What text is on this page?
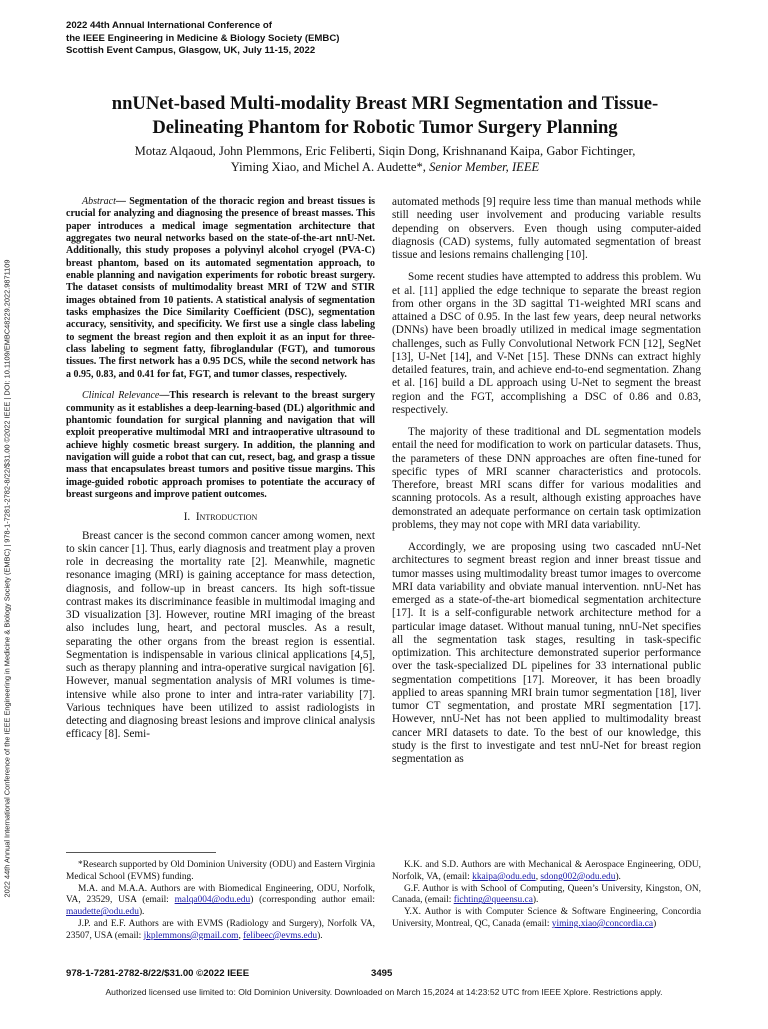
2022 44th Annual International Conference of
the IEEE Engineering in Medicine & Biology Society (EMBC)
Scottish Event Campus, Glasgow, UK, July 11-15, 2022
2022 44th Annual International Conference of the IEEE Engineering in Medicine & Biology Society (EMBC) | 978-1-7281-2782-8/22/$31.00 ©2022 IEEE | DOI: 10.1109/EMBC48229.2022.9871109
nnUNet-based Multi-modality Breast MRI Segmentation and Tissue-
Delineating Phantom for Robotic Tumor Surgery Planning
Motaz Alqaoud, John Plemmons, Eric Feliberti, Siqin Dong, Krishnanand Kaipa, Gabor Fichtinger,
Yiming Xiao, and Michel A. Audette*, Senior Member, IEEE

Abstract— Segmentation of the thoracic region and breast tissues is crucial for analyzing and diagnosing the presence of breast masses. This paper introduces a medical image segmentation architecture that aggregates two neural networks based on the state-of-the-art nnU-Net. Additionally, this study proposes a polyvinyl alcohol cryogel (PVA-C) breast phantom, based on its automated segmentation approach, to enable planning and navigation experiments for robotic breast surgery. The dataset consists of multimodality breast MRI of T2W and STIR images obtained from 10 patients. A statistical analysis of segmentation tasks emphasizes the Dice Similarity Coefficient (DSC), segmentation accuracy, sensitivity, and specificity. We first use a single class labeling to segment the breast region and then exploit it as an input for three-class labeling to segment fatty, fibroglandular (FGT), and tumorous tissues. The first network has a 0.95 DCS, while the second network has a 0.95, 0.83, and 0.41 for fat, FGT, and tumor classes, respectively.

Clinical Relevance—This research is relevant to the breast surgery community as it establishes a deep-learning-based (DL) algorithmic and phantomic foundation for surgical planning and navigation that will exploit preoperative multimodal MRI and intraoperative ultrasound to achieve highly cosmetic breast surgery. In addition, the planning and navigation will guide a robot that can cut, resect, bag, and grasp a tissue mass that encapsulates breast tumors and positive tissue margins. This image-guided robotic approach promises to potentiate the accuracy of breast surgeons and improve patient outcomes.

I. Introduction

Breast cancer is the second common cancer among women, next to skin cancer [1]. Thus, early diagnosis and treatment play a proven role in decreasing the mortality rate [2]. Meanwhile, magnetic resonance imaging (MRI) is gaining acceptance for mass detection, diagnosis, and follow-up in breast cancers. Its high soft-tissue contrast makes its discriminance feasible in multimodal imaging and 3D visualization [3]. However, routine MRI imaging of the breast also includes lung, heart, and pectoral muscles. As a result, separating the other organs from the breast region is essential. Segmentation is indispensable in various clinical applications [4,5], such as therapy planning and intra-operative surgical navigation [6]. However, manual segmentation analysis of MRI volumes is time-intensive while also prone to inter and intra-rater variability [7]. Various techniques have been utilized to assist radiologists in detecting and diagnosing breast lesions and improve clinical analysis efficacy [8]. Semi-

automated methods [9] require less time than manual methods while still needing user involvement and producing variable results depending on observers. Even though using computer-aided diagnosis (CAD) systems, fully automated segmentation of breast tissue and lesions remains challenging [10].

Some recent studies have attempted to address this problem. Wu et al. [11] applied the edge technique to separate the breast region from other organs in the 3D sagittal T1-weighted MRI scans and attained a DSC of 0.95. In the last few years, deep neural networks (DNNs) have been broadly utilized in medical image segmentation challenges, such as Fully Convolutional Network FCN [12], SegNet [13], U-Net [14], and V-Net [15]. These DNNs can extract highly detailed features, train, and achieve end-to-end segmentation. Zhang et al. [16] build a DL approach using U-Net to segment the breast region and the FGT, accomplishing a DSC of 0.86 and 0.83, respectively.

The majority of these traditional and DL segmentation models entail the need for modification to work on particular datasets. Thus, the parameters of these DNN approaches are often fine-tuned for specific types of MRI scanner characteristics and protocols. Therefore, breast MRI scans differ for various modalities and scanning protocols. As a result, although existing approaches have demonstrated an adequate performance on certain task optimization problems, they may not cope with MRI data variability.

Accordingly, we are proposing using two cascaded nnU-Net architectures to segment breast region and inner breast tissue and tumor masses using multimodality breast tumor images to overcome MRI data variability and obviate manual intervention. nnU-Net has emerged as a state-of-the-art biomedical segmentation architecture [17]. It is a self-configurable network architecture method for a particular image dataset. Without manual tuning, nnU-Net specifies all the segmentation task stages, resulting in task-specific optimization. This architecture demonstrated superior performance over the task-specialized DL pipelines for 33 international public segmentation competitions [17]. Moreover, it has been broadly applied to areas spanning MRI brain tumor segmentation [18], liver tumor CT segmentation, and prostate MRI segmentation [17]. However, nnU-Net has not been applied to multimodality breast cancer MRI datasets to date. To the best of our knowledge, this study is the first to investigate and test nnU-Net for breast region segmentation as

*Research supported by Old Dominion University (ODU) and Eastern Virginia Medical School (EVMS) funding.

M.A. and M.A.A. Authors are with Biomedical Engineering, ODU, Norfolk, VA, 23529, USA (email: malqa004@odu.edu) (corresponding author email: maudette@odu.edu).

J.P. and E.F. Authors are with EVMS (Radiology and Surgery), Norfolk VA, 23507, USA (email: jkplemmons@gmail.com, felibeec@evms.edu).

K.K. and S.D. Authors are with Mechanical & Aerospace Engineering, ODU, Norfolk, VA, (email: kkaipa@odu.edu, sdong002@odu.edu).

G.F. Author is with School of Computing, Queen’s University, Kingston, ON, Canada, (email: fichting@queensu.ca).

Y.X. Author is with Computer Science & Software Engineering, Concordia University, Montreal, QC, Canada (email: yiming.xiao@concordia.ca)

978-1-7281-2782-8/22/$31.00 ©2022 IEEE	3495
Authorized licensed use limited to: Old Dominion University. Downloaded on March 15,2024 at 14:23:52 UTC from IEEE Xplore. Restrictions apply.
